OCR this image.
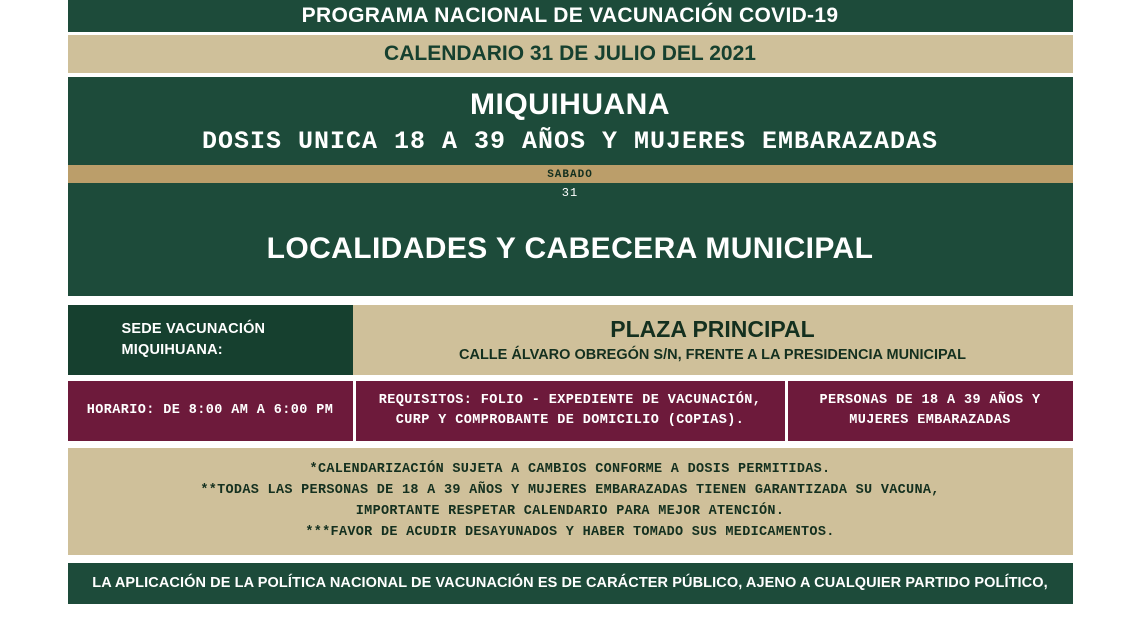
PROGRAMA NACIONAL DE VACUNACIÓN COVID-19
CALENDARIO 31 DE JULIO DEL 2021
MIQUIHUANA
DOSIS UNICA 18 A 39 AÑOS Y MUJERES EMBARAZADAS
SABADO
31
LOCALIDADES Y CABECERA MUNICIPAL
SEDE VACUNACIÓN MIQUIHUANA:
PLAZA PRINCIPAL
CALLE ÁLVARO OBREGÓN S/N, FRENTE A LA PRESIDENCIA MUNICIPAL
HORARIO: DE 8:00 AM A 6:00 PM
REQUISITOS: FOLIO - EXPEDIENTE DE VACUNACIÓN, CURP Y COMPROBANTE DE DOMICILIO (COPIAS).
PERSONAS DE 18 A 39 AÑOS Y MUJERES EMBARAZADAS
*CALENDARIZACIÓN SUJETA A CAMBIOS CONFORME A DOSIS PERMITIDAS.
**TODAS LAS PERSONAS DE 18 A 39 AÑOS Y MUJERES EMBARAZADAS TIENEN GARANTIZADA SU VACUNA,
IMPORTANTE RESPETAR CALENDARIO PARA MEJOR ATENCIÓN.
***FAVOR DE ACUDIR DESAYUNADOS Y HABER TOMADO SUS MEDICAMENTOS.
LA APLICACIÓN DE LA POLÍTICA NACIONAL DE VACUNACIÓN ES DE CARÁCTER PÚBLICO, AJENO A CUALQUIER PARTIDO POLÍTICO,
